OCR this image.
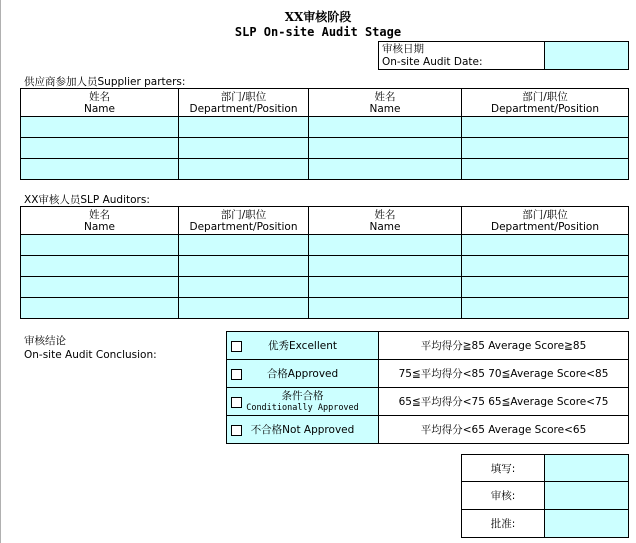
XX审核阶段
SLP On-site Audit Stage
审核日期
On-site Audit Date:

供应商参加人员Supplier parters:
姓名
Name	部门/职位
Department/Position	姓名
Name	部门/职位
Department/Position

XX审核人员SLP Auditors:
姓名
Name	部门/职位
Department/Position	姓名
Name	部门/职位
Department/Position

审核结论
On-site Audit Conclusion:
优秀Excellent	平均得分≧85 Average Score≧85

合格Approved	75≦平均得分<85 70≦Average Score<85

条件合格
Conditionally Approved	65≦平均得分<75 65≦Average Score<75

不合格Not Approved	平均得分<65 Average Score<65
填写:	
审核:	
批准:	
